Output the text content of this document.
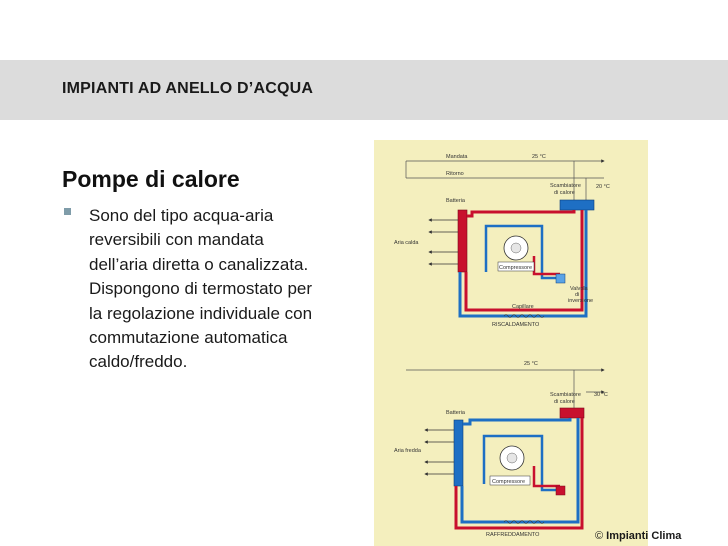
IMPIANTI AD ANELLO D’ACQUA
Pompe di calore
Sono del tipo acqua-aria reversibili con mandata dell’aria diretta o canalizzata. Dispongono di termostato per la regolazione individuale con commutazione automatica caldo/freddo.
Mandata	25 °C
Ritorno
Scambiatore
di calore
20 °C
Batteria
Aria calda
Compressore
Valvola
di
inversione
Capillare
RISCALDAMENTO
25 °C
Scambiatore
di calore
30 °C
Batteria
Aria fredda
Compressore
RAFFREDDAMENTO	© Impianti Clima
